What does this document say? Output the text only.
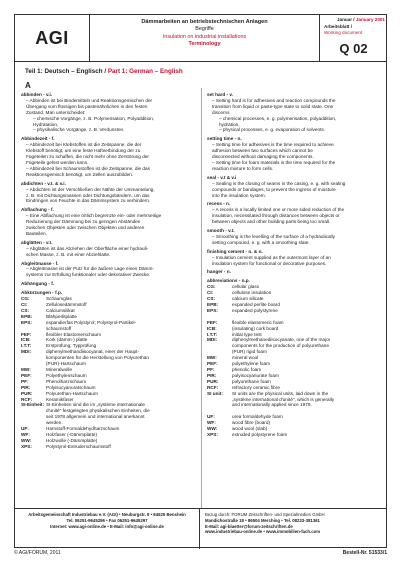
AGI
Dämmarbeiten an betriebstechnischen Anlagen
Begriffe
Insulation on industrial installations
Terminology
Januar / January 2001
Arbeitsblatt /
Working document
Q 02
Teil 1: Deutsch – Englisch / Part 1: German – English
A
abbinden - v.i.
– Abbinden ist bei Bindemitteln und Reaktionsgemischen der
Übergang vom flüssigen bis pastenähnlichen in den festen
Zustand. Man unterscheidet:
– chemische Vorgänge, z. B. Polymerisation, Polyaddition,
Hydratation,
– physikalische Vorgänge, z. B. Verdunsten.
Abbindezeit - f.
– Abbindezeit bei Klebstoffen ist die Zeitspanne, die der
Klebstoff benötigt, um eine feste Haftverbindung der zu
Fügeteilen zu schaffen, die nicht mehr ohne Zerstörung der
Fügeteile gelöst werden kann.
– Abbindezeit bei Schaumstoffen ist die Zeitspanne, die das
Reaktionsgemisch benötigt, um Zellen auszubilden.
abdichten - v.t. & v.i.
– Abdichten ist der Verschließen der Nähte der Ummantelung,
z. B. mit Dichtungsmassen oder Dichtungsbändern, um das
Eindringen von Feuchte in das Dämmsystem zu verhindern.
Abflachung - f.
– Eine Abflachung ist eine örtlich begrenzte ein- oder mehrseitige
Reduzierung der Dämmung bei zu geringen Abständen
zwischen Objekten oder zwischen Objekten und anderen
Bauteilen.
abglätten - v.t.
– Abglätten ist das Abziehen der Oberfläche einer hydrauli-
schen Masse, z. B. mit einer Abziehlatte.
Abgleitmasse - f.
– Abgleitmasse ist der Putz für die äußere Lage eines Dämm-
systems zur Erfüllung funktionaler oder dekorativer Zwecke.
Abhängung - f.
Abkürzungen - f.p.
CG:	Schaumglas
CI:	Zellulosedämmstoff
CS:	Calciumsilikat
EPB:	Blähperlitplatte
EPS:	expandierfas Polystyrol; Polystyrol-Partikel-
schaumstoff
FEF:	flexibler Elastomerschaum
ICB:	Kork (dämm-) platte
I.T.T:	Erstprüfung; Typprüfung
MDI:	diphenylmethandiisocyanat, einer der Haupt-
komponenten für die Herstellung von Polyurethan
(PUR)-Hartschaum
MW:	Mineralwolle
PEF:	Polyethylenschaum
PF:	Phenolharzschaum
PIR:	Polyisocyanuratschaum
PUR:	Polyurethan-Hartschaum
RCF:	Keramikfaser
SI-Einheit: SI-Einheiten sind die im „système internationale
d'unité" festgelegten physikalischen Einheiten, die
seit 1978 allgemein und international anerkannt
werden.
UF:	Harnstoff-Formaldehydharzschaum
WF:	Holzfaser (-Dämmplatte)
WW:	Holzwolle (-Dämmplatte)
XPS:	Polystyrol-Extruderschaumstoff
set hard - v.
– Setting hard is for adhesives and reaction compounds the
transition from liquid or paste-type state to solid state. One
discerns
– chemical processes, e. g. polymerisation, polyaddition,
hydration,
– physical processes, e. g. evaporation of solvents.
setting time - n.
– Setting time for adhesives is the time required to achieve
adhesion between two surfaces which cannot be
disconnected without damaging the components.
– Setting time for foam materials is the time required for the
reaction mixture to form cells.
seal - v.t & v.i
– Sealing is the closing of seams in the casing, e. g. with sealing
compounds or bandages, to prevent the ingress of moisture
into the insulation system.
recess - n.
– A recess is a locally limited one or more sided reduction of the
insulation, necessitated through distances between objects or
between objects and other building parts being too small.
smooth - v.t.
– Smoothing is the levelling of the surface of a hydraulically
setting compound, e. g. with a smoothing slate.
finishing cement - n. & n.
– Insulation cement supplied as the outermost layer of an
insulation system for functional or decorative purposes.
hanger - n.
abbreviations - n.p.
CG:	cellular glass
CI:	cellulose insulation
CS:	calcium silicate
EPB:	expanded perlite board
EPS:	expanded polystyrene

FEF:	flexible elastomeric foam
ICB:	(insulating) cork board
I.T.T:	initial type test
MDI:	diphenylmethanediisocyanate, one of the major
components for the production of polyurethane
(PUR) rigid foam
MW:	mineral wool
PEF:	polyethylene foam
PF:	phenolic foam
PIR:	polyisocyanurate foam
PUR:	polyurethane foam
RCF:	refractory ceramic fibre
SI unit:	SI units are the physical units, laid down in the
„système international d'unité", which is generally
and internationally applied since 1979.

UF:	urea formaldehyde foam
WF:	wood fibre (board)
WW:	wood wool (slab)
XPS:	extruded polystyrene foam
Arbeitsgemeinschaft Industriebau e.V. (AGI) • Neuburgstr. 9 • 84625 Benshein
Tel. 06251-9645296 • Fax 06251-9645297
Internet: www.agi-online.de • E-Mail: info@agi-online.de
Bezug durch: FORUM Zeitschriften- und Spezialmedien GmbH
Mandichostraße 18 • 86504 Merching • Tel. 08233-381361
E-Mail: agi-blaetter@forum-zeitschriften.de
www.industriebau-online.de • www.immobilien-fach.com
© AGI/FORUM, 2011	Bestell-Nr. 51533/1
